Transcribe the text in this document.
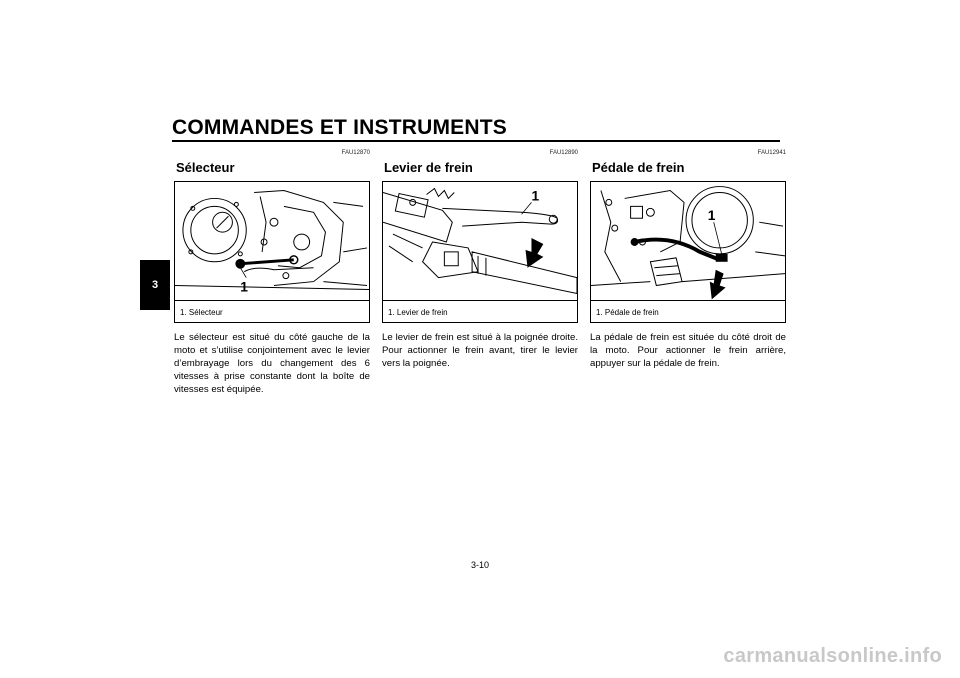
COMMANDES ET INSTRUMENTS
3
FAU12870
Sélecteur
1
1. Sélecteur
Le sélecteur est situé du côté gauche de la moto et s’utilise conjointement avec le levier d’embrayage lors du changement des 6 vitesses à prise constante dont la boîte de vitesses est équipée.
FAU12890
Levier de frein
1
1. Levier de frein
Le levier de frein est situé à la poignée droite. Pour actionner le frein avant, tirer le levier vers la poignée.
FAU12941
Pédale de frein
1
1. Pédale de frein
La pédale de frein est située du côté droit de la moto. Pour actionner le frein arrière, appuyer sur la pédale de frein.
3-10
carmanualsonline.info
